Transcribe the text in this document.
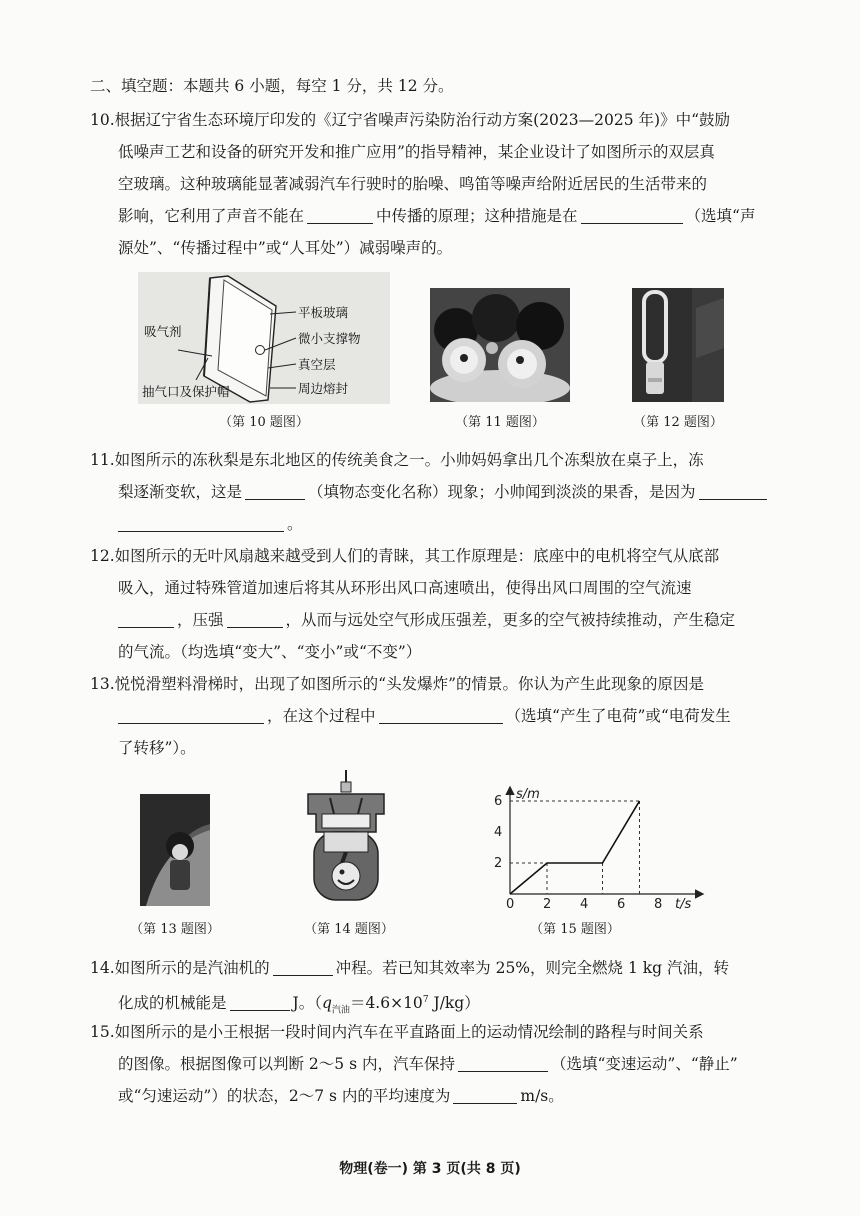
二、填空题：本题共 6 小题，每空 1 分，共 12 分。
10.根据辽宁省生态环境厅印发的《辽宁省噪声污染防治行动方案(2023—2025 年)》中“鼓励
低噪声工艺和设备的研究开发和推广应用”的指导精神，某企业设计了如图所示的双层真
空玻璃。这种玻璃能显著减弱汽车行驶时的胎噪、鸣笛等噪声给附近居民的生活带来的
影响，它利用了声音不能在	中传播的原理；这种措施是在	（选填“声
源处”、“传播过程中”或“人耳处”）减弱噪声的。
平板玻璃
微小支撑物
真空层
周边熔封
吸气剂
抽气口及保护帽
（第 10 题图）	（第 11 题图）	（第 12 题图）
11.如图所示的冻秋梨是东北地区的传统美食之一。小帅妈妈拿出几个冻梨放在桌子上，冻
梨逐渐变软，这是	（填物态变化名称）现象；小帅闻到淡淡的果香，是因为
。
12.如图所示的无叶风扇越来越受到人们的青睐，其工作原理是：底座中的电机将空气从底部
吸入，通过特殊管道加速后将其从环形出风口高速喷出，使得出风口周围的空气流速
，压强	，从而与远处空气形成压强差，更多的空气被持续推动，产生稳定
的气流。（均选填“变大”、“变小”或“不变”）
13.悦悦滑塑料滑梯时，出现了如图所示的“头发爆炸”的情景。你认为产生此现象的原因是
，在这个过程中	（选填“产生了电荷”或“电荷发生
了转移”）。
（第 13 题图）	（第 14 题图）
s/m
t/s
0 2 4 6 8
2
4
6
（第 15 题图）
14.如图所示的是汽油机的	冲程。若已知其效率为 25%，则完全燃烧 1 kg 汽油，转
化成的机械能是	J。（$q_{汽油}=4.6\times 10^7$ J/kg）
15.如图所示的是小王根据一段时间内汽车在平直路面上的运动情况绘制的路程与时间关系
的图像。根据图像可以判断 2～5 s 内，汽车保持	（选填“变速运动”、“静止”
或“匀速运动”）的状态，2～7 s 内的平均速度为	m/s。
物理(卷一) 第 3 页(共 8 页)
